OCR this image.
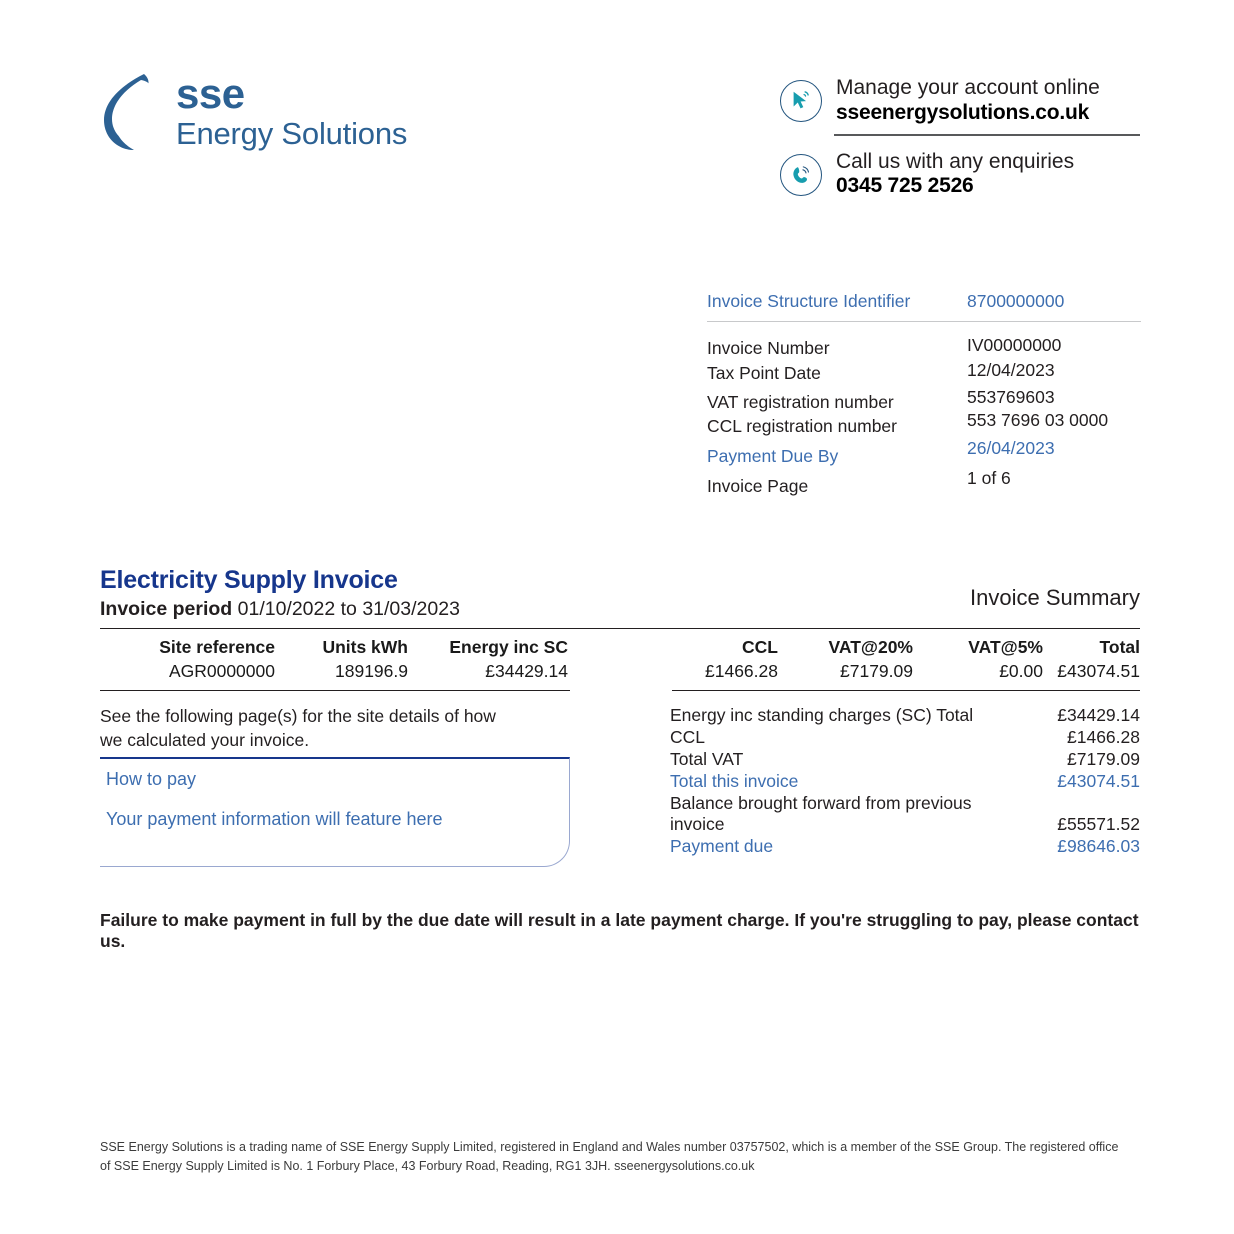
sse
Energy Solutions
Manage your account online
sseenergysolutions.co.uk
Call us with any enquiries
0345 725 2526
Invoice Structure Identifier	8700000000
Invoice Number	IV00000000
Tax Point Date	12/04/2023
VAT registration number	553769603
CCL registration number	553 7696 03 0000
Payment Due By	26/04/2023
Invoice Page	1 of 6
Electricity Supply Invoice
Invoice period 01/10/2022 to 31/03/2023	Invoice Summary
Site reference	Units kWh	Energy inc SC	CCL	VAT@20%	VAT@5%	Total
AGR0000000	189196.9	£34429.14	£1466.28	£7179.09	£0.00 £43074.51
See the following page(s) for the site details of how
we calculated your invoice.
How to pay
Your payment information will feature here
Energy inc standing charges (SC) Total	£34429.14
CCL	£1466.28
Total VAT	£7179.09
Total this invoice	£43074.51
Balance brought forward from previous invoice	£55571.52
Payment due	£98646.03
Failure to make payment in full by the due date will result in a late payment charge. If you're struggling to pay, please contact us.
SSE Energy Solutions is a trading name of SSE Energy Supply Limited, registered in England and Wales number 03757502, which is a member of the SSE Group. The registered office
of SSE Energy Supply Limited is No. 1 Forbury Place, 43 Forbury Road, Reading, RG1 3JH. sseenergysolutions.co.uk
